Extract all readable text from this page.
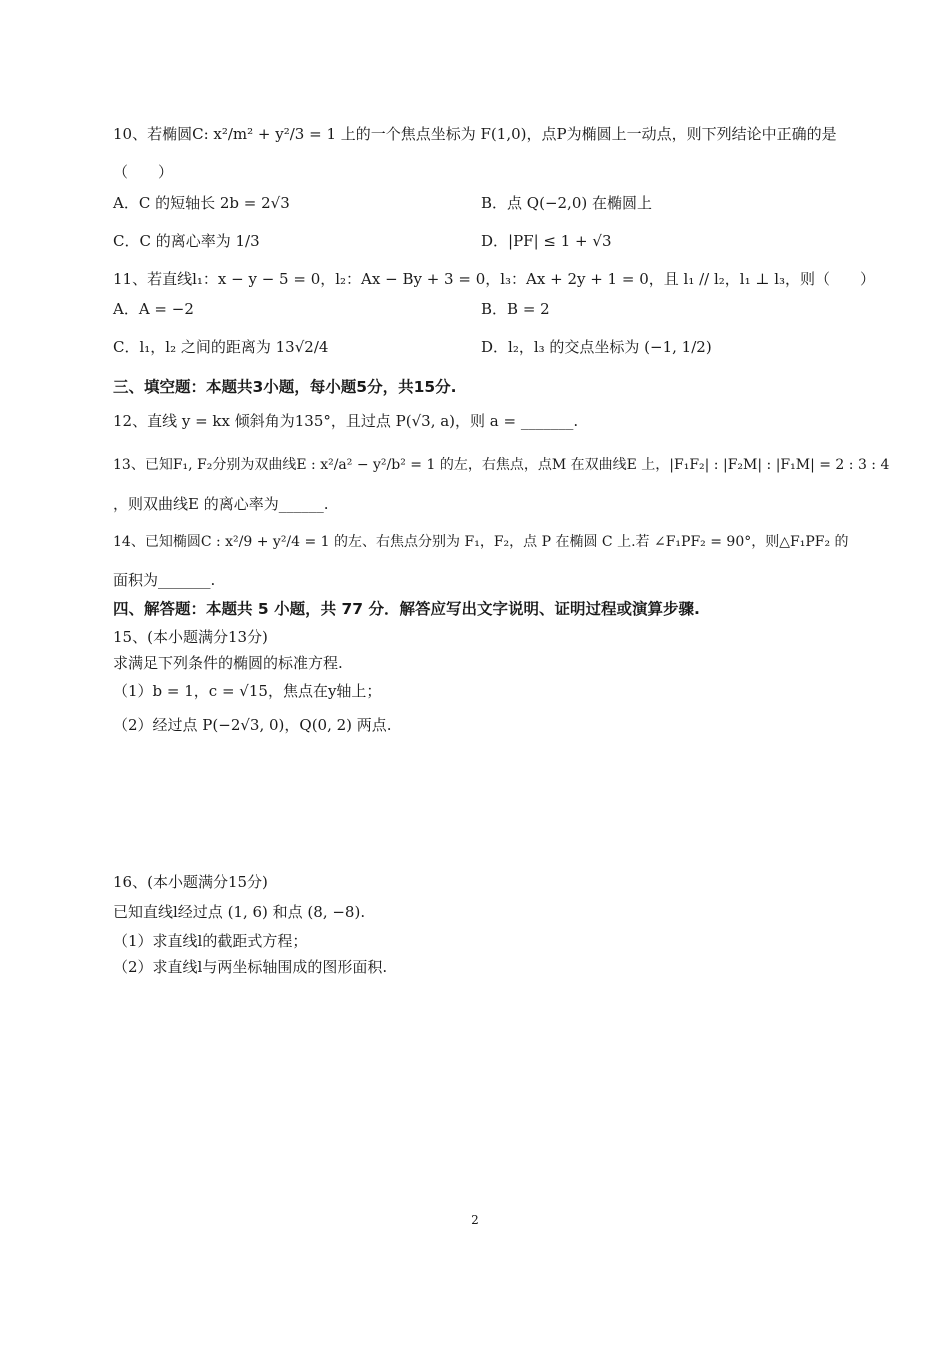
10、若椭圆C: x²/m² + y²/3 = 1 上的一个焦点坐标为 F(1,0)，点P为椭圆上一动点，则下列结论中正确的是
（　　）
A．C 的短轴长 2b = 2√3	B．点 Q(−2,0) 在椭圆上
C．C 的离心率为 1/3	D．|PF| ≤ 1 + √3
11、若直线l₁：x − y − 5 = 0，l₂：Ax − By + 3 = 0，l₃：Ax + 2y + 1 = 0，且 l₁ // l₂，l₁ ⊥ l₃，则（　　）
A．A = −2	B．B = 2
C．l₁，l₂ 之间的距离为 13√2/4	D．l₂，l₃ 的交点坐标为 (−1, 1/2)
三、填空题：本题共3小题，每小题5分，共15分.
12、直线 y = kx 倾斜角为135°，且过点 P(√3, a)，则 a = _______.
13、已知F₁, F₂分别为双曲线E : x²/a² − y²/b² = 1 的左，右焦点，点M 在双曲线E 上，|F₁F₂| : |F₂M| : |F₁M| = 2 : 3 : 4
，则双曲线E 的离心率为______.
14、已知椭圆C : x²/9 + y²/4 = 1 的左、右焦点分别为 F₁，F₂，点 P 在椭圆 C 上.若 ∠F₁PF₂ = 90°，则△F₁PF₂ 的
面积为_______.
四、解答题：本题共 5 小题，共 77 分．解答应写出文字说明、证明过程或演算步骤.
15、(本小题满分13分)
求满足下列条件的椭圆的标准方程.
（1）b = 1，c = √15，焦点在y轴上；
（2）经过点 P(−2√3, 0)，Q(0, 2) 两点.
16、(本小题满分15分)
已知直线l经过点 (1, 6) 和点 (8, −8).
（1）求直线l的截距式方程；
（2）求直线l与两坐标轴围成的图形面积.
2
